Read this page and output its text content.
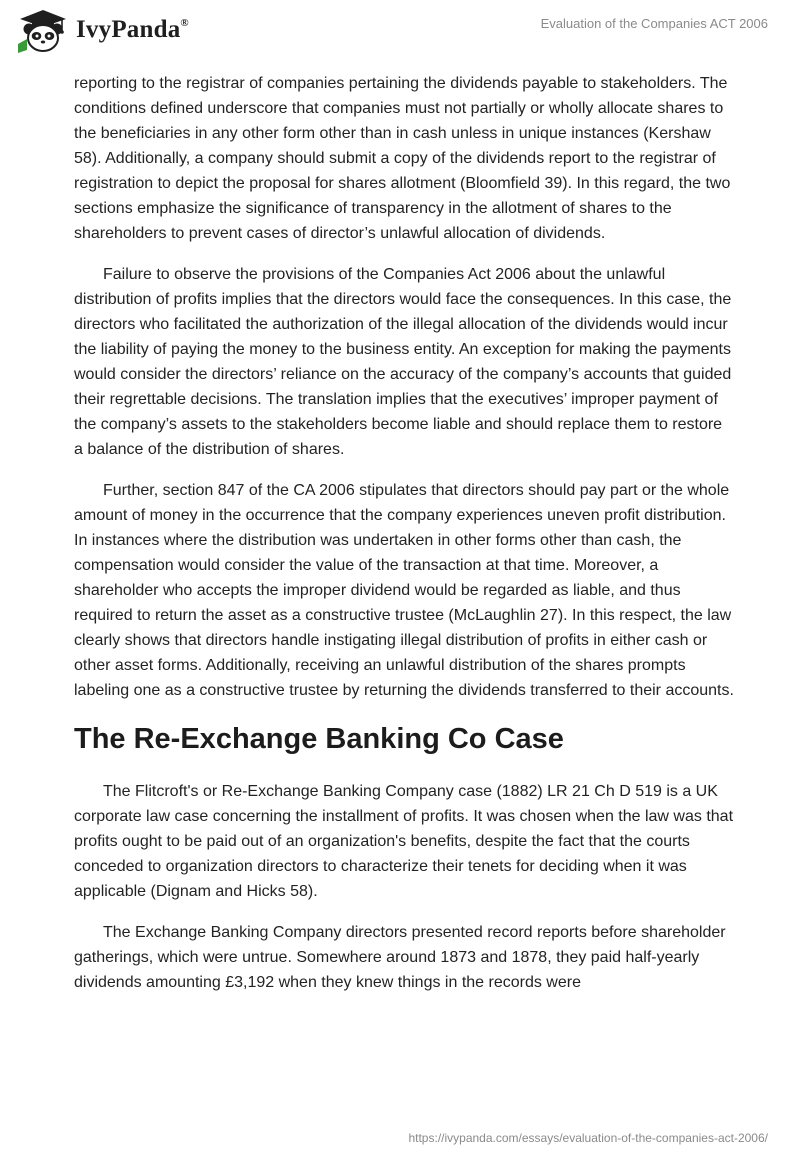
IvyPanda®	Evaluation of the Companies ACT 2006

reporting to the registrar of companies pertaining the dividends payable to stakeholders. The conditions defined underscore that companies must not partially or wholly allocate shares to the beneficiaries in any other form other than in cash unless in unique instances (Kershaw 58). Additionally, a company should submit a copy of the dividends report to the registrar of registration to depict the proposal for shares allotment (Bloomfield 39). In this regard, the two sections emphasize the significance of transparency in the allotment of shares to the shareholders to prevent cases of director’s unlawful allocation of dividends.

Failure to observe the provisions of the Companies Act 2006 about the unlawful distribution of profits implies that the directors would face the consequences. In this case, the directors who facilitated the authorization of the illegal allocation of the dividends would incur the liability of paying the money to the business entity. An exception for making the payments would consider the directors’ reliance on the accuracy of the company’s accounts that guided their regrettable decisions. The translation implies that the executives’ improper payment of the company’s assets to the stakeholders become liable and should replace them to restore a balance of the distribution of shares.

Further, section 847 of the CA 2006 stipulates that directors should pay part or the whole amount of money in the occurrence that the company experiences uneven profit distribution. In instances where the distribution was undertaken in other forms other than cash, the compensation would consider the value of the transaction at that time. Moreover, a shareholder who accepts the improper dividend would be regarded as liable, and thus required to return the asset as a constructive trustee (McLaughlin 27). In this respect, the law clearly shows that directors handle instigating illegal distribution of profits in either cash or other asset forms. Additionally, receiving an unlawful distribution of the shares prompts labeling one as a constructive trustee by returning the dividends transferred to their accounts.

The Re-Exchange Banking Co Case

The Flitcroft's or Re-Exchange Banking Company case (1882) LR 21 Ch D 519 is a UK corporate law case concerning the installment of profits. It was chosen when the law was that profits ought to be paid out of an organization's benefits, despite the fact that the courts conceded to organization directors to characterize their tenets for deciding when it was applicable (Dignam and Hicks 58).

The Exchange Banking Company directors presented record reports before shareholder gatherings, which were untrue. Somewhere around 1873 and 1878, they paid half-yearly dividends amounting £3,192 when they knew things in the records were

https://ivypanda.com/essays/evaluation-of-the-companies-act-2006/
